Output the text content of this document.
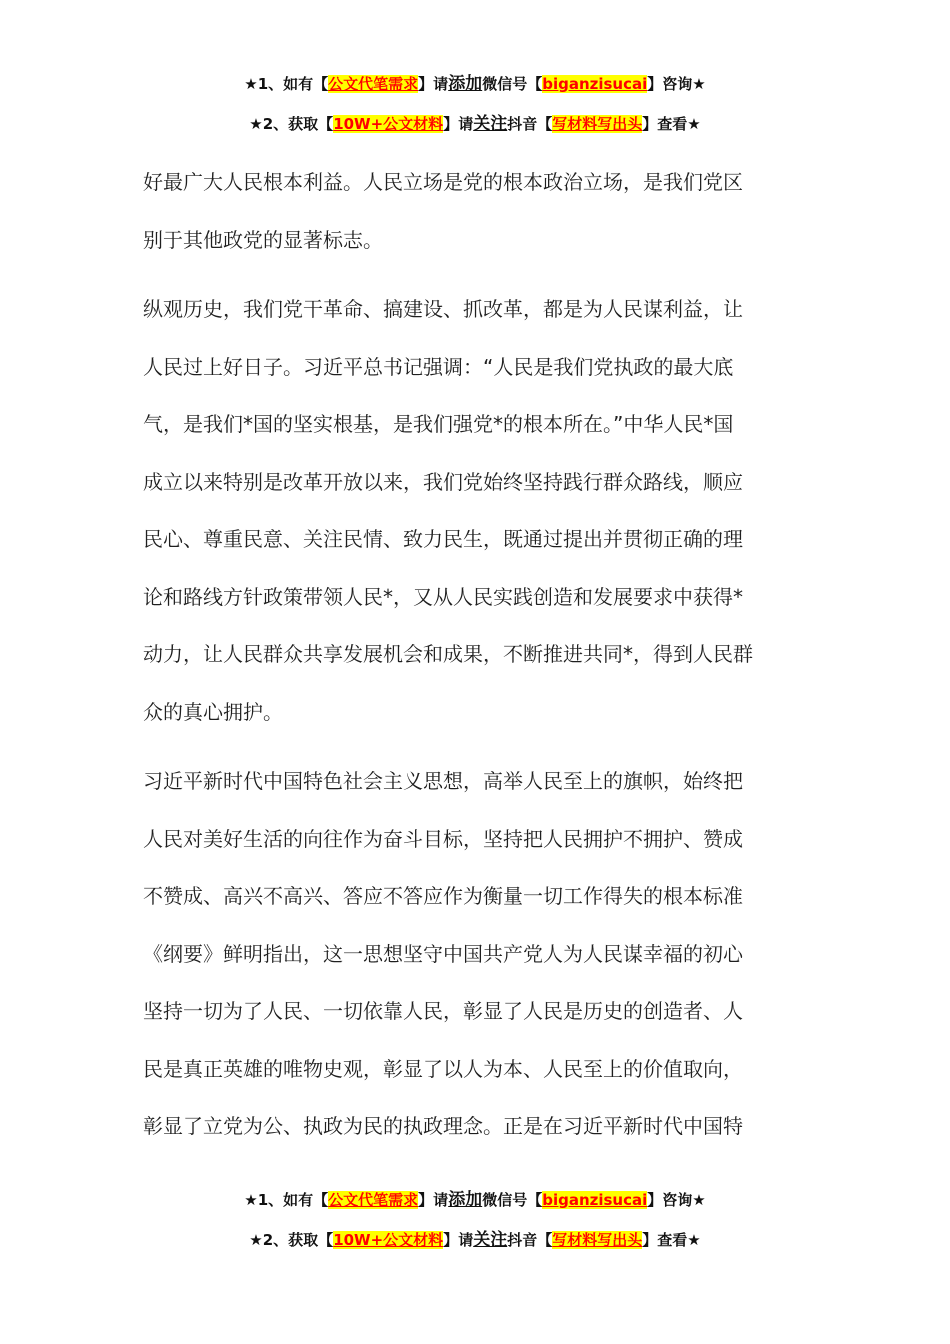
★1、如有【公文代笔需求】请添加微信号【biganzisucai】咨询★
★2、获取【10W+公文材料】请关注抖音【写材料写出头】查看★

好最广大人民根本利益。人民立场是党的根本政治立场，是我们党区
别于其他政党的显著标志。

纵观历史，我们党干革命、搞建设、抓改革，都是为人民谋利益，让
人民过上好日子。习近平总书记强调：“人民是我们党执政的最大底
气，是我们*国的坚实根基，是我们强党*的根本所在。”中华人民*国
成立以来特别是改革开放以来，我们党始终坚持践行群众路线，顺应
民心、尊重民意、关注民情、致力民生，既通过提出并贯彻正确的理
论和路线方针政策带领人民*，又从人民实践创造和发展要求中获得*
动力，让人民群众共享发展机会和成果，不断推进共同*，得到人民群
众的真心拥护。

习近平新时代中国特色社会主义思想，高举人民至上的旗帜，始终把
人民对美好生活的向往作为奋斗目标，坚持把人民拥护不拥护、赞成
不赞成、高兴不高兴、答应不答应作为衡量一切工作得失的根本标准
《纲要》鲜明指出，这一思想坚守中国共产党人为人民谋幸福的初心
坚持一切为了人民、一切依靠人民，彰显了人民是历史的创造者、人
民是真正英雄的唯物史观，彰显了以人为本、人民至上的价值取向，
彰显了立党为公、执政为民的执政理念。正是在习近平新时代中国特

★1、如有【公文代笔需求】请添加微信号【biganzisucai】咨询★
★2、获取【10W+公文材料】请关注抖音【写材料写出头】查看★
